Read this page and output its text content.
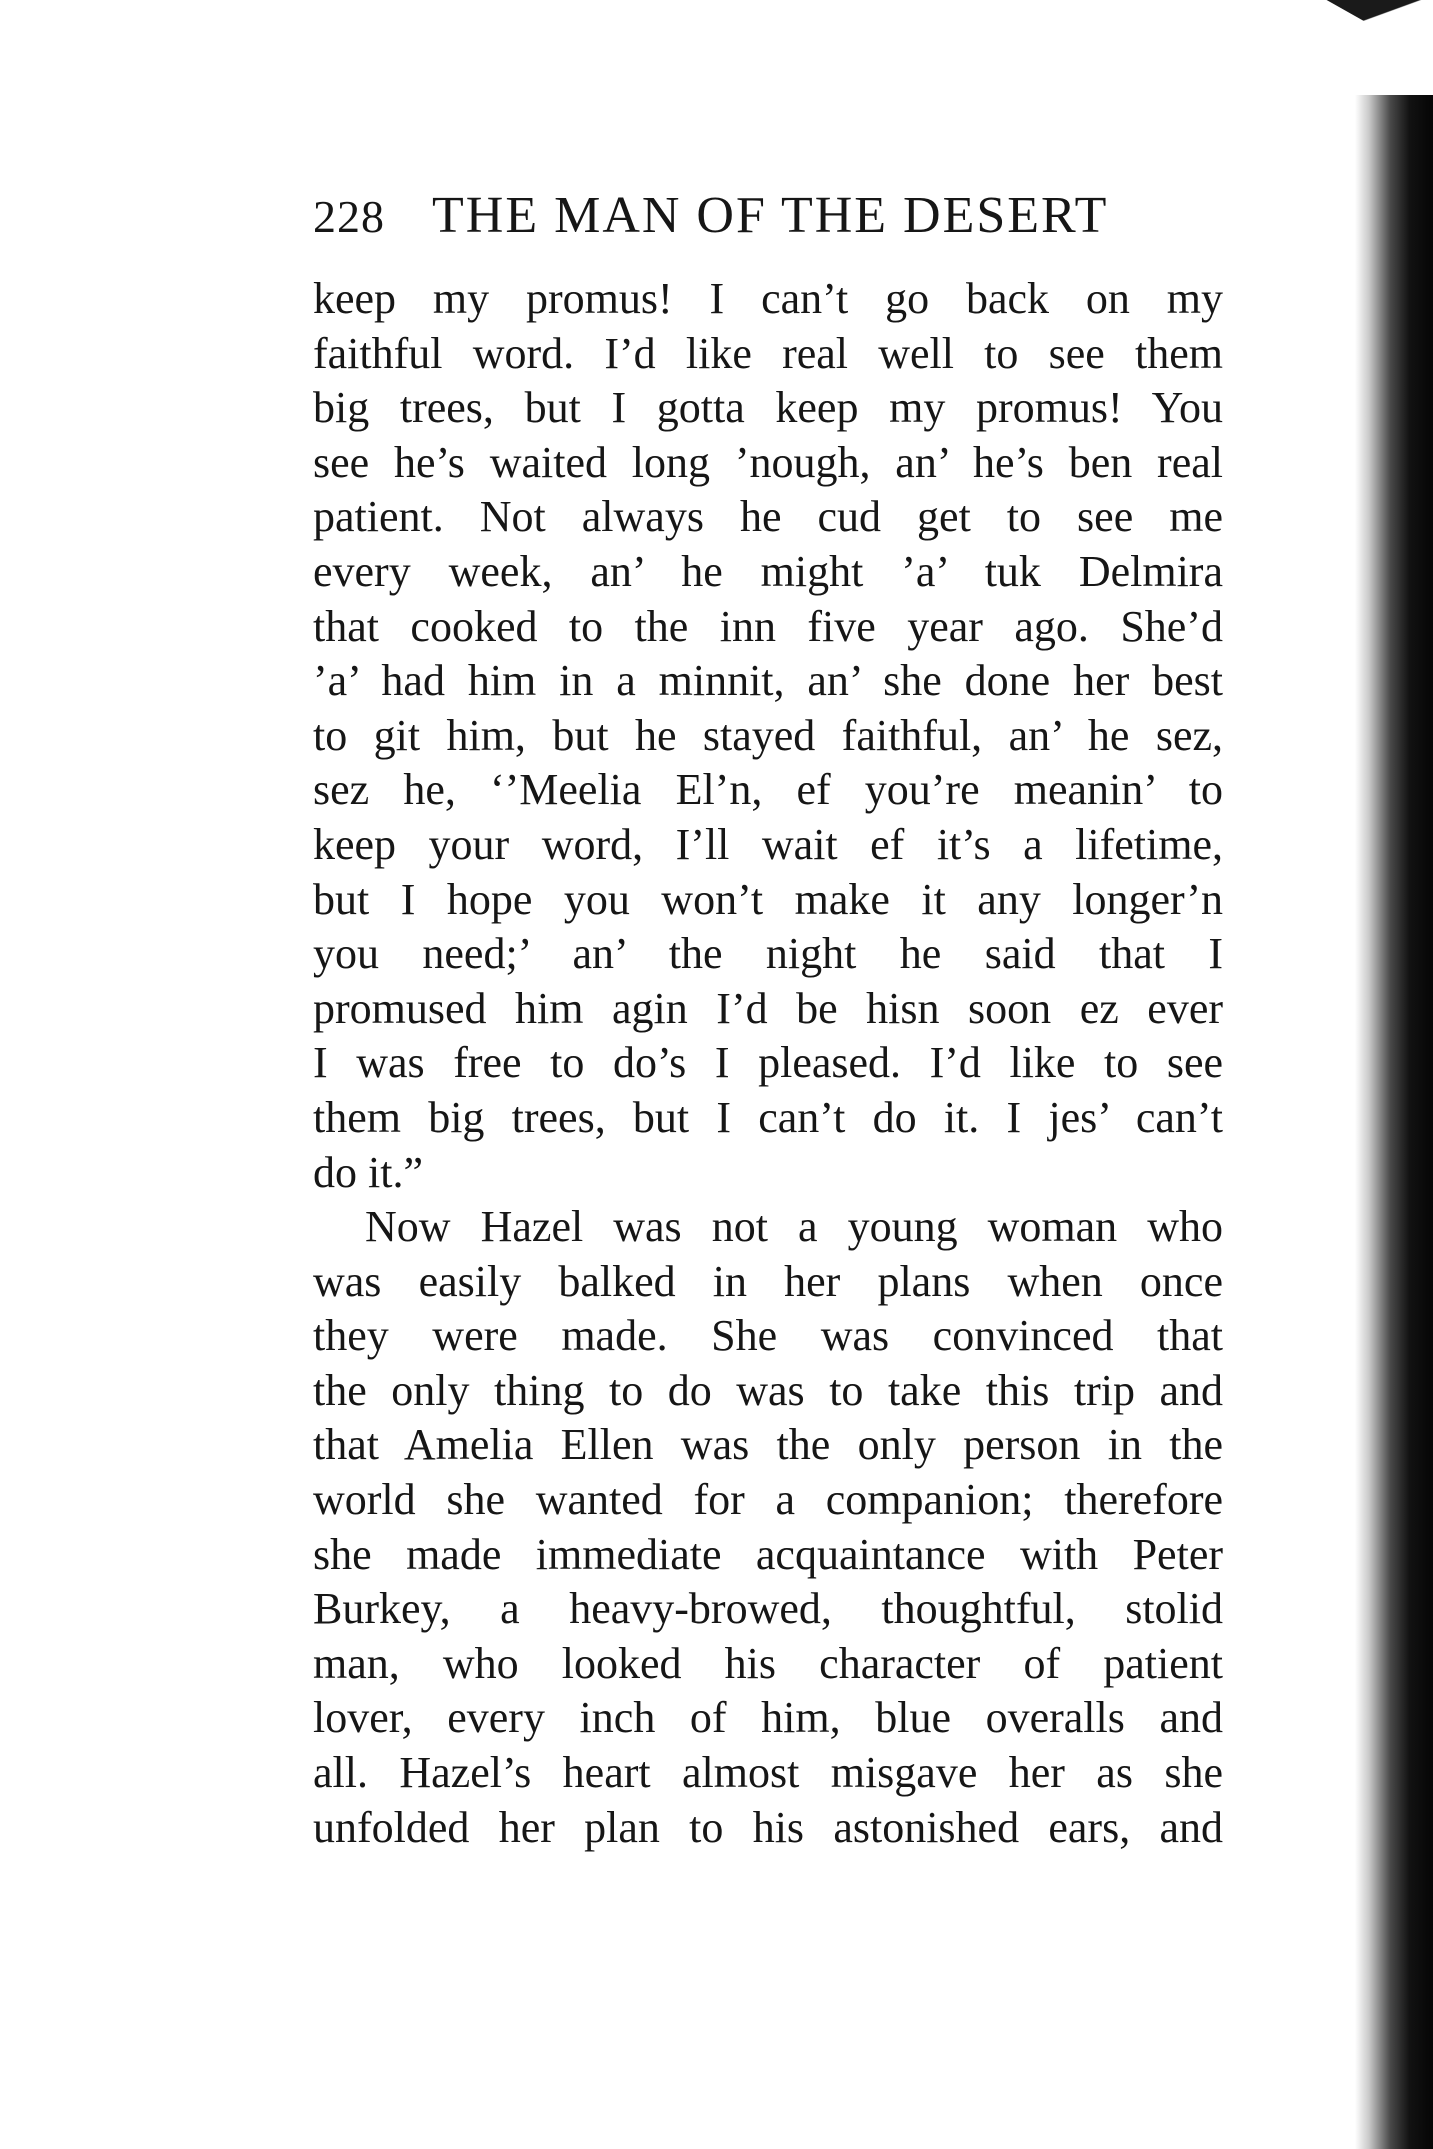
228 THE MAN OF THE DESERT
keep my promus! I can’t go back on my
faithful word. I’d like real well to see them
big trees, but I gotta keep my promus! You
see he’s waited long ’nough, an’ he’s ben real
patient. Not always he cud get to see me
every week, an’ he might ’a’ tuk Delmira
that cooked to the inn five year ago. She’d
’a’ had him in a minnit, an’ she done her best
to git him, but he stayed faithful, an’ he sez,
sez he, ‘’Meelia El’n, ef you’re meanin’ to
keep your word, I’ll wait ef it’s a lifetime,
but I hope you won’t make it any longer’n
you need;’ an’ the night he said that I
promused him agin I’d be hisn soon ez ever
I was free to do’s I pleased. I’d like to see
them big trees, but I can’t do it. I jes’ can’t
do it.”
Now Hazel was not a young woman who
was easily balked in her plans when once
they were made. She was convinced that
the only thing to do was to take this trip and
that Amelia Ellen was the only person in the
world she wanted for a companion; therefore
she made immediate acquaintance with Peter
Burkey, a heavy-browed, thoughtful, stolid
man, who looked his character of patient
lover, every inch of him, blue overalls and
all. Hazel’s heart almost misgave her as she
unfolded her plan to his astonished ears, and
